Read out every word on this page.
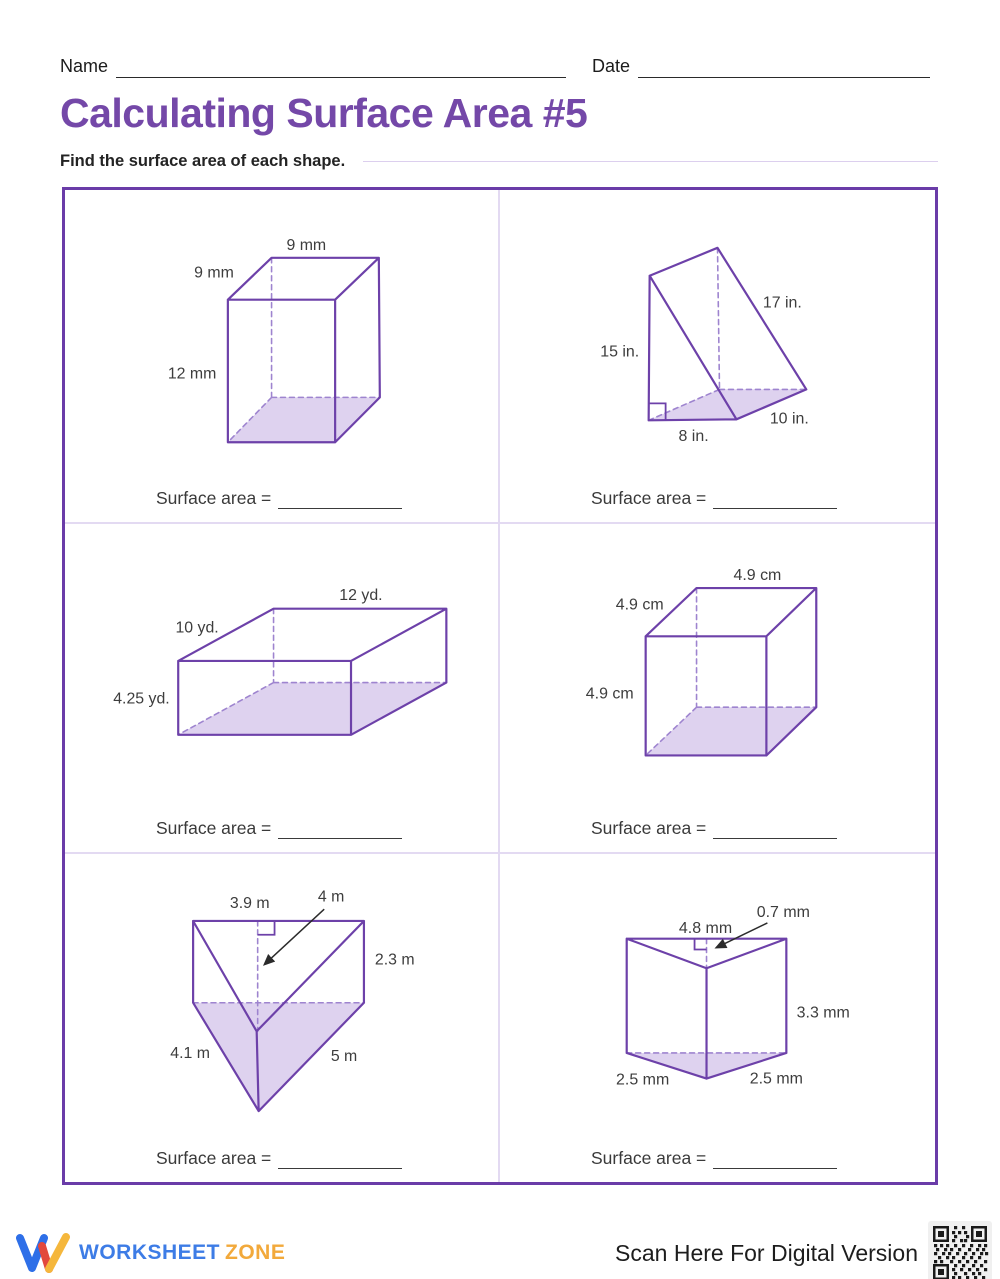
Name	Date
Calculating Surface Area #5
Find the surface area of each shape.
9 mm
9 mm
12 mm
Surface area =
17 in.
15 in.
10 in.
8 in.
Surface area =
12 yd.
10 yd.
4.25 yd.
Surface area =
4.9 cm
4.9 cm
4.9 cm
Surface area =
3.9 m	4 m
2.3 m
4.1 m	5 m
Surface area =
4.8 mm
0.7 mm
3.3 mm
2.5 mm	2.5 mm
Surface area =
WORKSHEET ZONE	Scan Here For Digital Version
